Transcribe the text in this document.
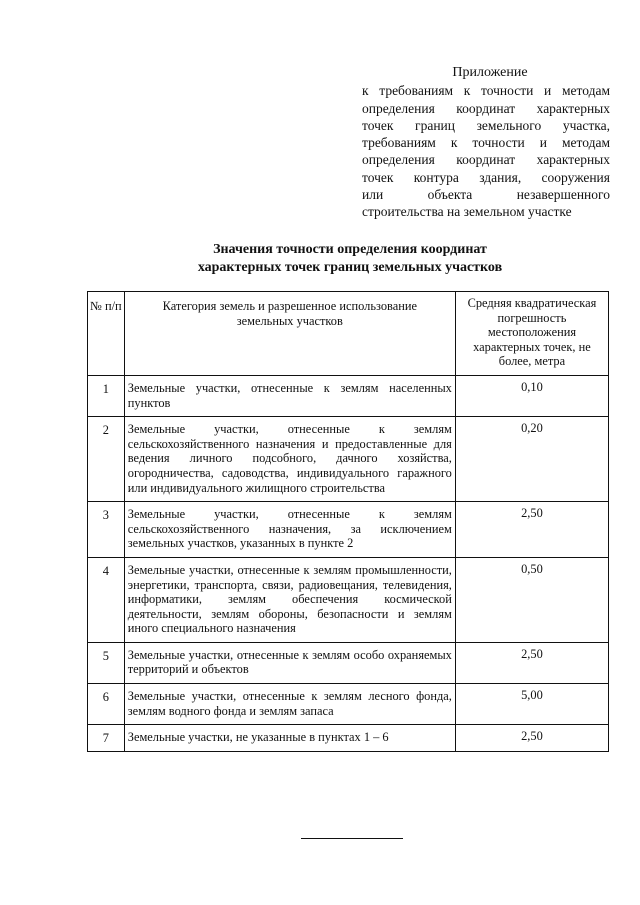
Приложение
к требованиям к точности и методам
определения координат характерных
точек границ земельного участка,
требованиям к точности и методам
определения координат характерных
точек контура здания, сооружения
или объекта незавершенного
строительства на земельном участке
Значения точности определения координат
характерных точек границ земельных участков
№ п/п	Категория земель и разрешенное использование земельных участков	Средняя квадратическая погрешность местоположения характерных точек, не более, метра
1	Земельные участки, отнесенные к землям населенных пунктов	0,10
2	Земельные участки, отнесенные к землям сельскохозяйственного назначения и предоставленные для ведения личного подсобного, дачного хозяйства, огородничества, садоводства, индивидуального гаражного или индивидуального жилищного строительства	0,20
3	Земельные участки, отнесенные к землям сельскохозяйственного назначения, за исключением земельных участков, указанных в пункте 2	2,50
4	Земельные участки, отнесенные к землям промышленности, энергетики, транспорта, связи, радиовещания, телевидения, информатики, землям обеспечения космической деятельности, землям обороны, безопасности и землям иного специального назначения	0,50
5	Земельные участки, отнесенные к землям особо охраняемых территорий и объектов	2,50
6	Земельные участки, отнесенные к землям лесного фонда, землям водного фонда и землям запаса	5,00
7	Земельные участки, не указанные в пунктах 1 – 6	2,50
